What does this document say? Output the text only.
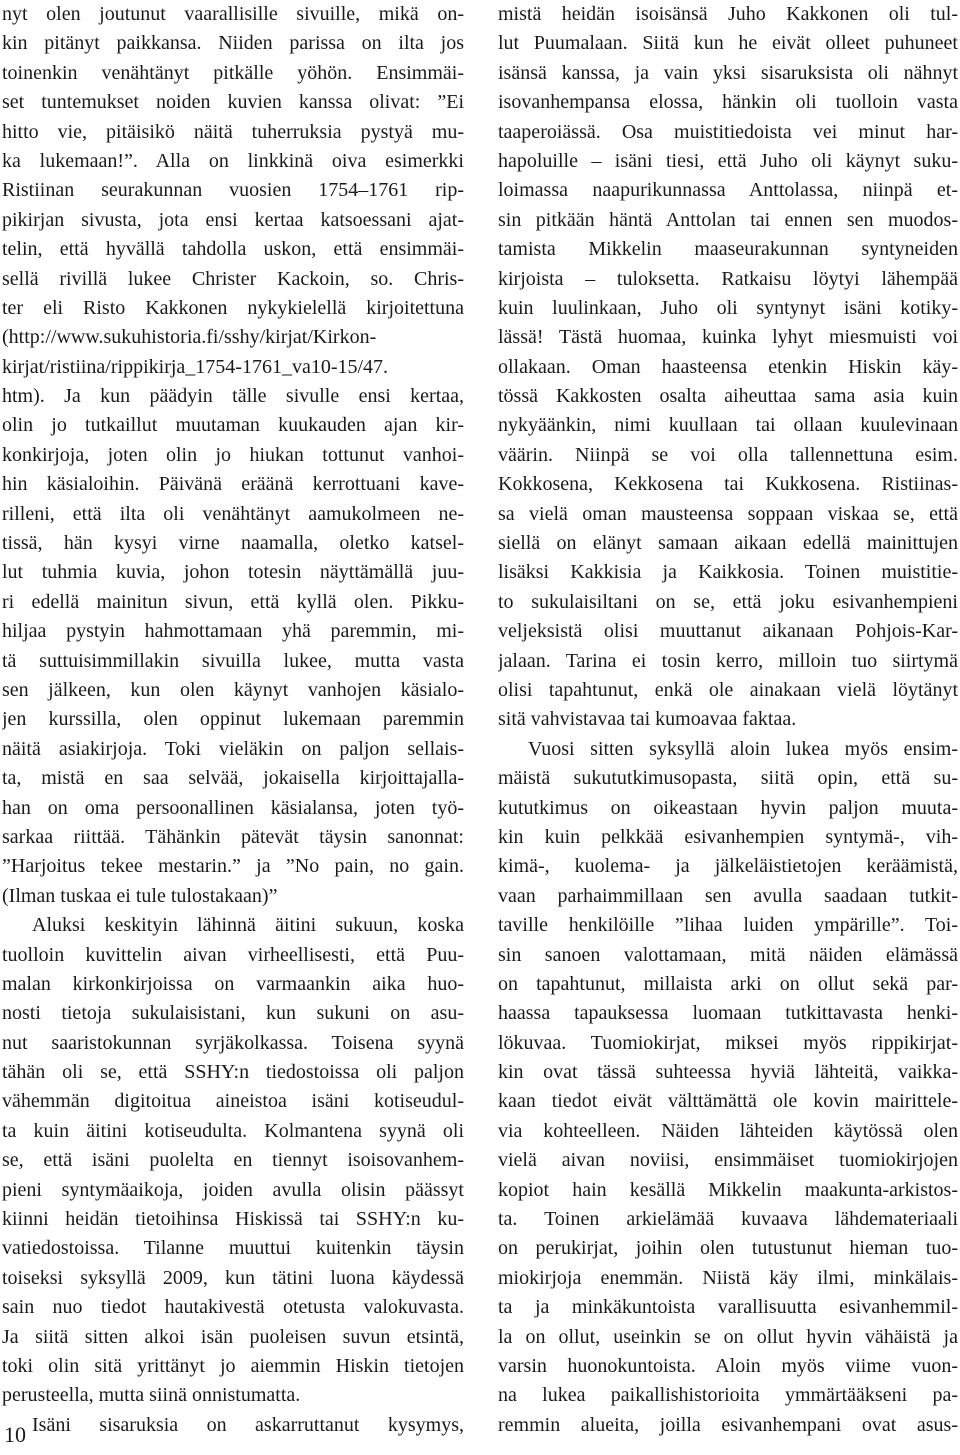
nyt olen joutunut vaarallisille sivuille, mikä on-
kin pitänyt paikkansa. Niiden parissa on ilta jos
toinenkin venähtänyt pitkälle yöhön. Ensimmäi-
set tuntemukset noiden kuvien kanssa olivat: ”Ei
hitto vie, pitäisikö näitä tuherruksia pystyä mu-
ka lukemaan!”. Alla on linkkinä oiva esimerkki
Ristiinan seurakunnan vuosien 1754–1761 rip-
pikirjan sivusta, jota ensi kertaa katsoessani ajat-
telin, että hyvällä tahdolla uskon, että ensimmäi-
sellä rivillä lukee Christer Kackoin, so. Chris-
ter eli Risto Kakkonen nykykielellä kirjoitettuna
(http://www.sukuhistoria.fi/sshy/kirjat/Kirkon-
kirjat/ristiina/rippikirja_1754-1761_va10-15/47.
htm). Ja kun päädyin tälle sivulle ensi kertaa,
olin jo tutkaillut muutaman kuukauden ajan kir-
konkirjoja, joten olin jo hiukan tottunut vanhoi-
hin käsialoihin. Päivänä eräänä kerrottuani kave-
rilleni, että ilta oli venähtänyt aamukolmeen ne-
tissä, hän kysyi virne naamalla, oletko katsel-
lut tuhmia kuvia, johon totesin näyttämällä juu-
ri edellä mainitun sivun, että kyllä olen. Pikku-
hiljaa pystyin hahmottamaan yhä paremmin, mi-
tä suttuisimmillakin sivuilla lukee, mutta vasta
sen jälkeen, kun olen käynyt vanhojen käsialo-
jen kurssilla, olen oppinut lukemaan paremmin
näitä asiakirjoja. Toki vieläkin on paljon sellais-
ta, mistä en saa selvää, jokaisella kirjoittajalla-
han on oma persoonallinen käsialansa, joten työ-
sarkaa riittää. Tähänkin pätevät täysin sanonnat:
”Harjoitus tekee mestarin.” ja ”No pain, no gain.
(Ilman tuskaa ei tule tulostakaan)”
Aluksi keskityin lähinnä äitini sukuun, koska
tuolloin kuvittelin aivan virheellisesti, että Puu-
malan kirkonkirjoissa on varmaankin aika huo-
nosti tietoja sukulaisistani, kun sukuni on asu-
nut saaristokunnan syrjäkolkassa. Toisena syynä
tähän oli se, että SSHY:n tiedostoissa oli paljon
vähemmän digitoitua aineistoa isäni kotiseudul-
ta kuin äitini kotiseudulta. Kolmantena syynä oli
se, että isäni puolelta en tiennyt isoisovanhem-
pieni syntymäaikoja, joiden avulla olisin päässyt
kiinni heidän tietoihinsa Hiskissä tai SSHY:n ku-
vatiedostoissa. Tilanne muuttui kuitenkin täysin
toiseksi syksyllä 2009, kun tätini luona käydessä
sain nuo tiedot hautakivestä otetusta valokuvasta.
Ja siitä sitten alkoi isän puoleisen suvun etsintä,
toki olin sitä yrittänyt jo aiemmin Hiskin tietojen
perusteella, mutta siinä onnistumatta.
Isäni sisaruksia on askarruttanut kysymys,
mistä heidän isoisänsä Juho Kakkonen oli tul-
lut Puumalaan. Siitä kun he eivät olleet puhuneet
isänsä kanssa, ja vain yksi sisaruksista oli nähnyt
isovanhempansa elossa, hänkin oli tuolloin vasta
taaperoiässä. Osa muistitiedoista vei minut har-
hapoluille – isäni tiesi, että Juho oli käynyt suku-
loimassa naapurikunnassa Anttolassa, niinpä et-
sin pitkään häntä Anttolan tai ennen sen muodos-
tamista Mikkelin maaseurakunnan syntyneiden
kirjoista – tuloksetta. Ratkaisu löytyi lähempää
kuin luulinkaan, Juho oli syntynyt isäni kotiky-
lässä! Tästä huomaa, kuinka lyhyt miesmuisti voi
ollakaan. Oman haasteensa etenkin Hiskin käy-
tössä Kakkosten osalta aiheuttaa sama asia kuin
nykyäänkin, nimi kuullaan tai ollaan kuulevinaan
väärin. Niinpä se voi olla tallennettuna esim.
Kokkosena, Kekkosena tai Kukkosena. Ristiinas-
sa vielä oman mausteensa soppaan viskaa se, että
siellä on elänyt samaan aikaan edellä mainittujen
lisäksi Kakkisia ja Kaikkosia. Toinen muistitie-
to sukulaisiltani on se, että joku esivanhempieni
veljeksistä olisi muuttanut aikanaan Pohjois-Kar-
jalaan. Tarina ei tosin kerro, milloin tuo siirtymä
olisi tapahtunut, enkä ole ainakaan vielä löytänyt
sitä vahvistavaa tai kumoavaa faktaa.
Vuosi sitten syksyllä aloin lukea myös ensim-
mäistä sukututkimusopasta, siitä opin, että su-
kututkimus on oikeastaan hyvin paljon muuta-
kin kuin pelkkää esivanhempien syntymä-, vih-
kimä-, kuolema- ja jälkeläistietojen keräämistä,
vaan parhaimmillaan sen avulla saadaan tutkit-
taville henkilöille ”lihaa luiden ympärille”. Toi-
sin sanoen valottamaan, mitä näiden elämässä
on tapahtunut, millaista arki on ollut sekä par-
haassa tapauksessa luomaan tutkittavasta henki-
lökuvaa. Tuomiokirjat, miksei myös rippikirjat-
kin ovat tässä suhteessa hyviä lähteitä, vaikka-
kaan tiedot eivät välttämättä ole kovin mairittele-
via kohteelleen. Näiden lähteiden käytössä olen
vielä aivan noviisi, ensimmäiset tuomiokirjojen
kopiot hain kesällä Mikkelin maakunta-arkistos-
ta. Toinen arkielämää kuvaava lähdemateriaali
on perukirjat, joihin olen tutustunut hieman tuo-
miokirjoja enemmän. Niistä käy ilmi, minkälais-
ta ja minkäkuntoista varallisuutta esivanhemmil-
la on ollut, useinkin se on ollut hyvin vähäistä ja
varsin huonokuntoista. Aloin myös viime vuon-
na lukea paikallishistorioita ymmärtääkseni pa-
remmin alueita, joilla esivanhempani ovat asus-
10
